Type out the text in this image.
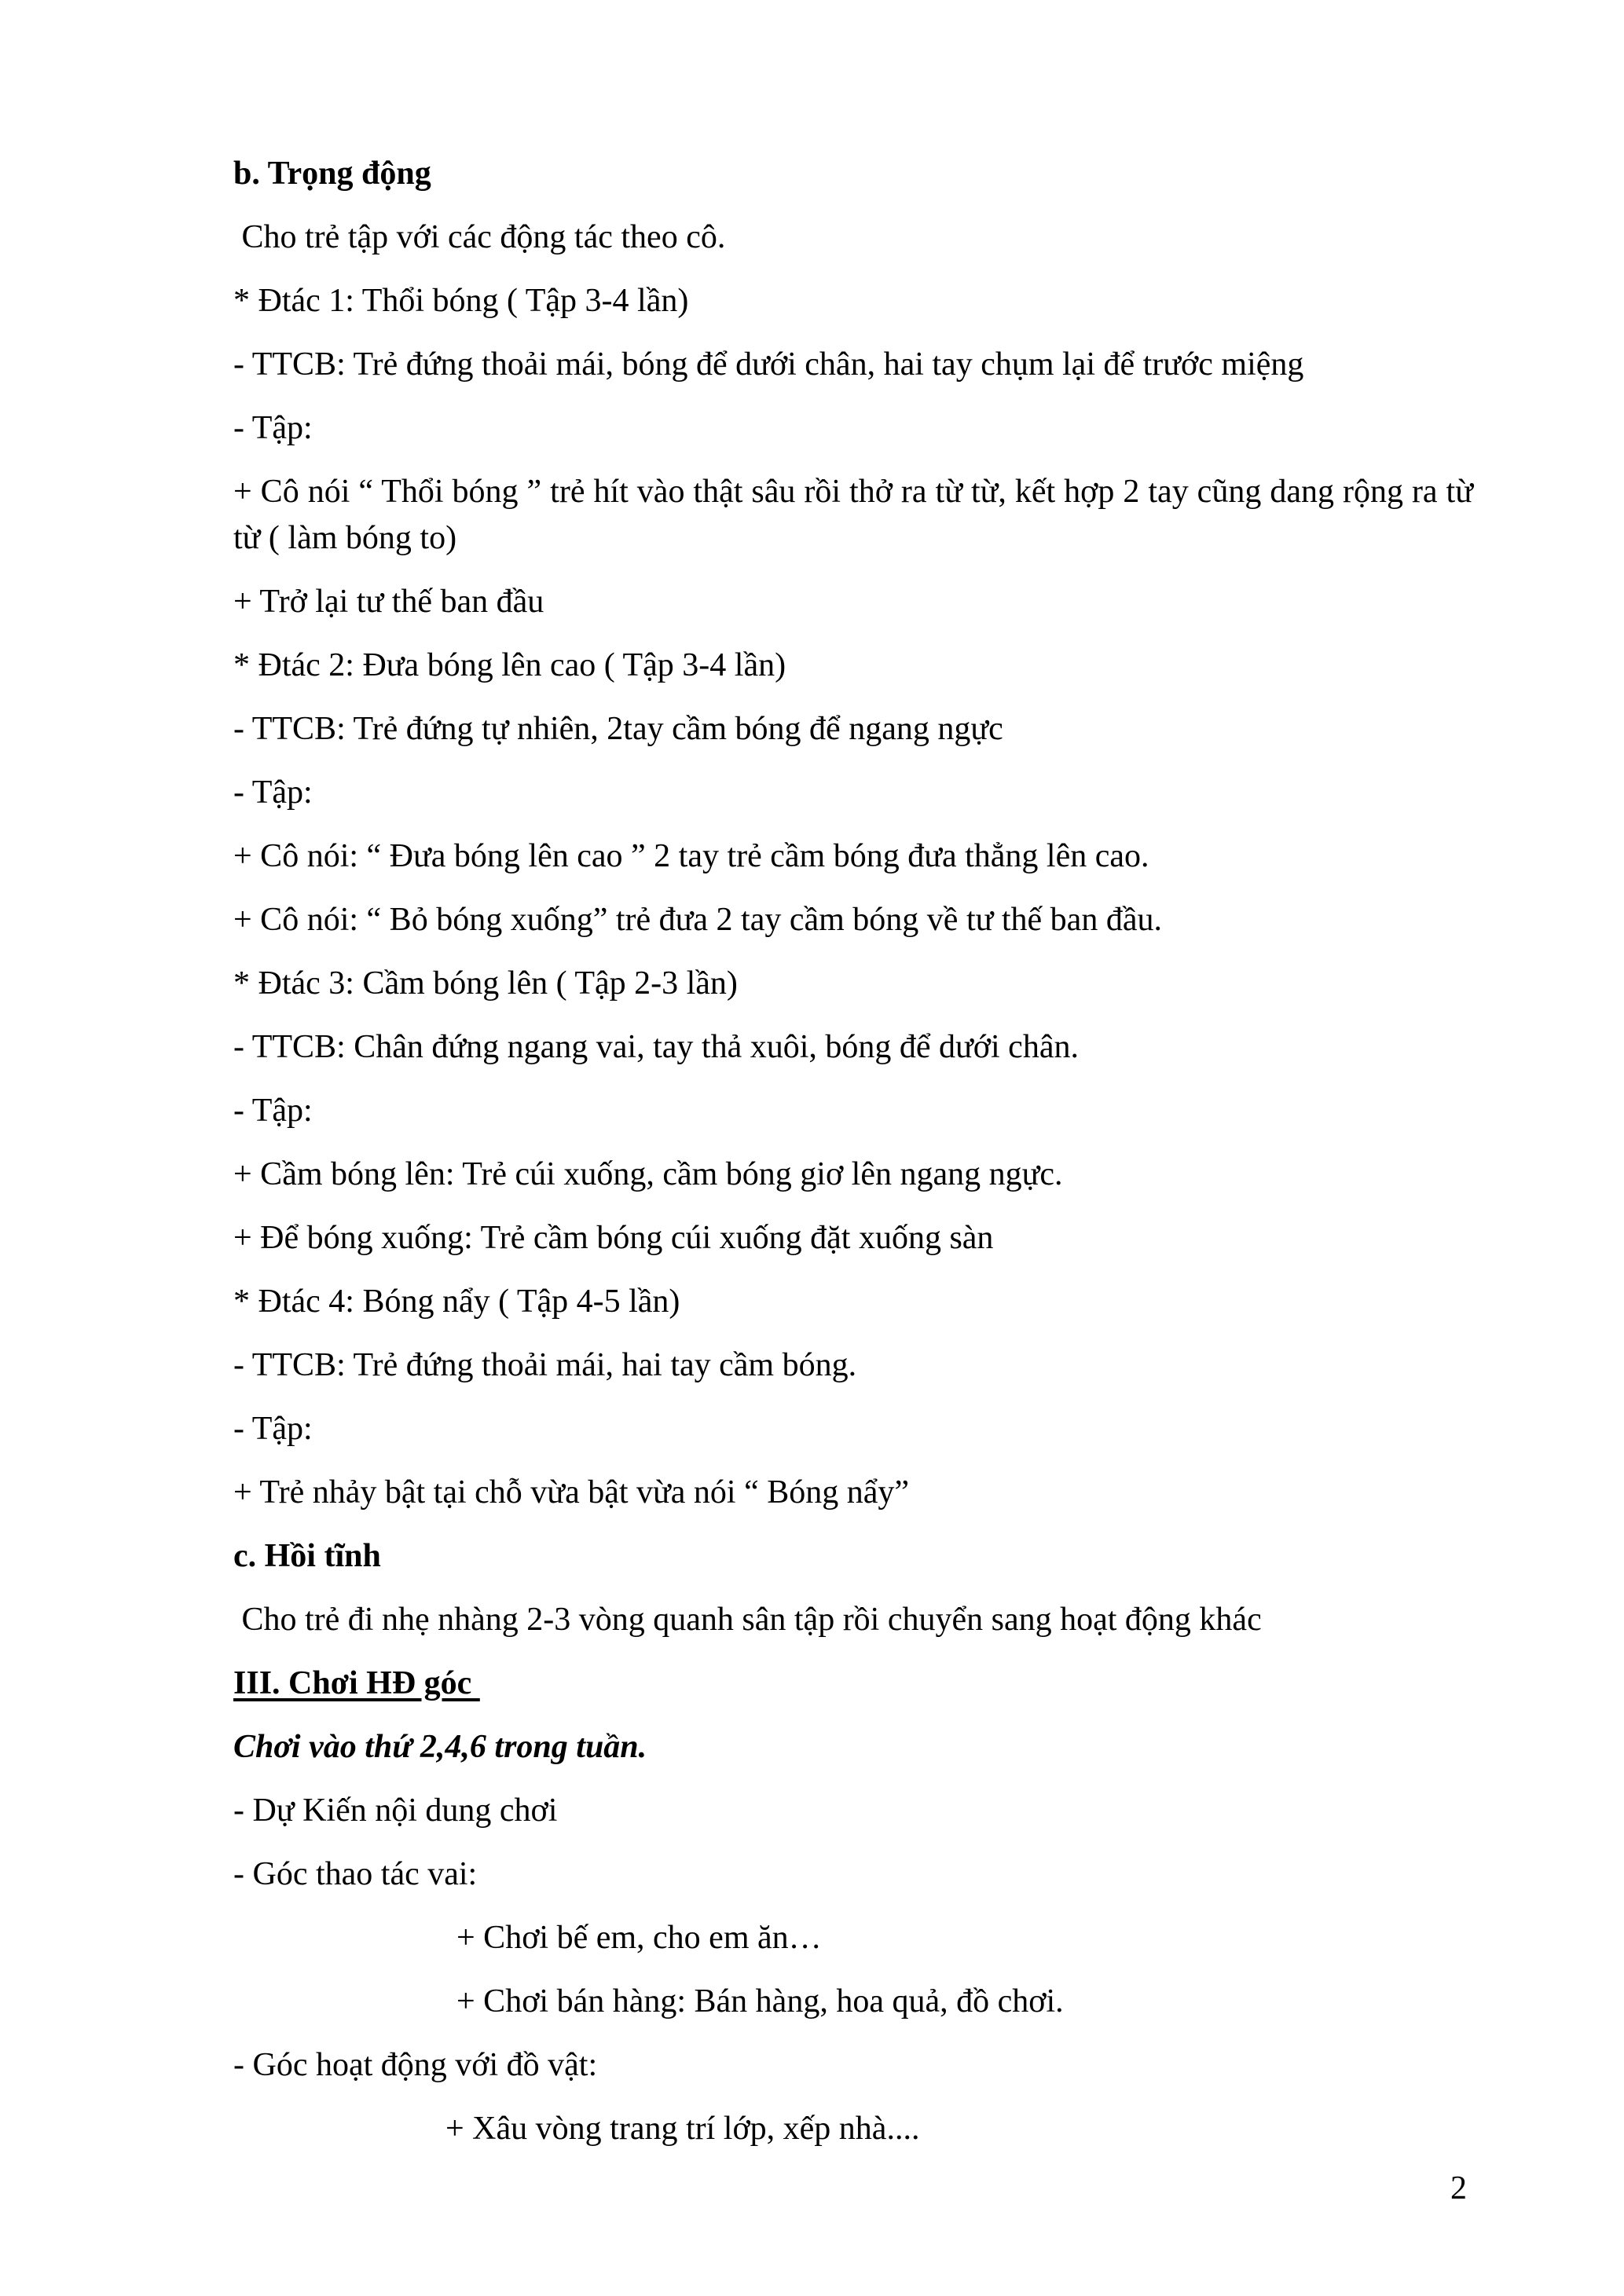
b. Trọng động
Cho trẻ tập với các động tác theo cô.
* Đtác 1: Thổi bóng ( Tập 3-4 lần)
- TTCB: Trẻ đứng thoải mái, bóng để dưới chân, hai tay chụm lại để trước miệng
- Tập:
+ Cô nói “ Thổi bóng ” trẻ hít vào thật sâu rồi thở ra từ từ, kết hợp 2 tay cũng dang rộng ra từ từ ( làm bóng to)
+ Trở lại tư thế ban đầu
* Đtác 2: Đưa bóng lên cao ( Tập 3-4 lần)
- TTCB: Trẻ đứng tự nhiên, 2tay cầm bóng để ngang ngực
- Tập:
+ Cô nói: “ Đưa bóng lên cao ” 2 tay trẻ cầm bóng đưa thẳng lên cao.
+ Cô nói: “ Bỏ bóng xuống” trẻ đưa 2 tay cầm bóng về tư thế ban đầu.
* Đtác 3: Cầm bóng lên ( Tập 2-3 lần)
- TTCB: Chân đứng ngang vai, tay thả xuôi, bóng để dưới chân.
- Tập:
+ Cầm bóng lên: Trẻ cúi xuống, cầm bóng giơ lên ngang ngực.
+ Để bóng xuống: Trẻ cầm bóng cúi xuống đặt xuống sàn
* Đtác 4: Bóng nẩy ( Tập 4-5 lần)
- TTCB: Trẻ đứng thoải mái, hai tay cầm bóng.
- Tập:
+ Trẻ nhảy bật tại chỗ vừa bật vừa nói “ Bóng nẩy”
c. Hồi tĩnh
Cho trẻ đi nhẹ nhàng 2-3 vòng quanh sân tập rồi chuyển sang hoạt động khác
III. Chơi HĐ góc
Chơi vào thứ 2,4,6 trong tuần.
- Dự Kiến nội dung chơi
- Góc thao tác vai:
+ Chơi bế em, cho em ăn…
+ Chơi bán hàng: Bán hàng, hoa quả, đồ chơi.
- Góc hoạt động với đồ vật:
+ Xâu vòng trang trí lớp, xếp nhà....
2
